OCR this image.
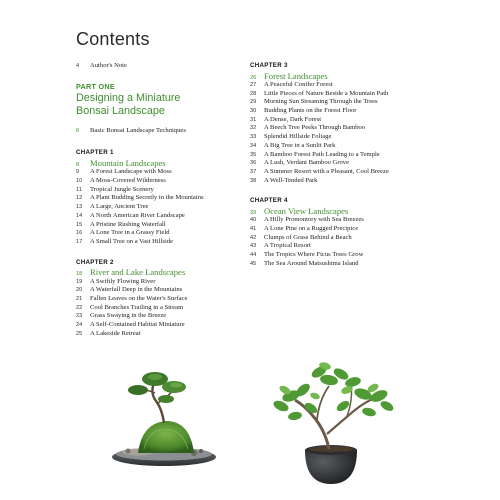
Contents
4	Author's Note
PART ONE
Designing a Miniature
Bonsai Landscape
6	Basic Bonsai Landscape Techniques
CHAPTER 1
8	Mountain Landscapes
9	A Forest Landscape with Moss
10	A Moss-Covered Wilderness
11	Tropical Jungle Scenery
12	A Plant Budding Secretly in the Mountains
13	A Large, Ancient Tree
14	A North American River Landscape
15	A Pristine Rushing Waterfall
16	A Lone Tree in a Grassy Field
17	A Small Tree on a Vast Hillside
CHAPTER 2
18 River and Lake Landscapes
19	A Swiftly Flowing River
20	A Waterfall Deep in the Mountains
21	Fallen Leaves on the Water's Surface
22	Cool Branches Trailing in a Stream
23	Grass Swaying in the Breeze
24	A Self-Contained Habitat Miniature
25	A Lakeside Retreat
CHAPTER 3
26 Forest Landscapes
27	A Peaceful Conifer Forest
28	Little Pieces of Nature Beside a Mountain Path
29	Morning Sun Streaming Through the Trees
30	Budding Plants on the Forest Floor
31	A Dense, Dark Forest
32	A Beech Tree Peeks Through Bamboo
33	Splendid Hillside Foliage
34	A Big Tree in a Sunlit Park
35	A Bamboo Forest Path Leading to a Temple
36	A Lush, Verdant Bamboo Grove
37	A Summer Resort with a Pleasant, Cool Breeze
38	A Well-Tended Park
CHAPTER 4
39 Ocean View Landscapes
40	A Hilly Promontory with Sea Breezes
41	A Lone Pine on a Rugged Precipice
42	Clumps of Grass Behind a Beach
43	A Tropical Resort
44	The Tropics Where Ficus Trees Grow
45	The Sea Around Matsushima Island
